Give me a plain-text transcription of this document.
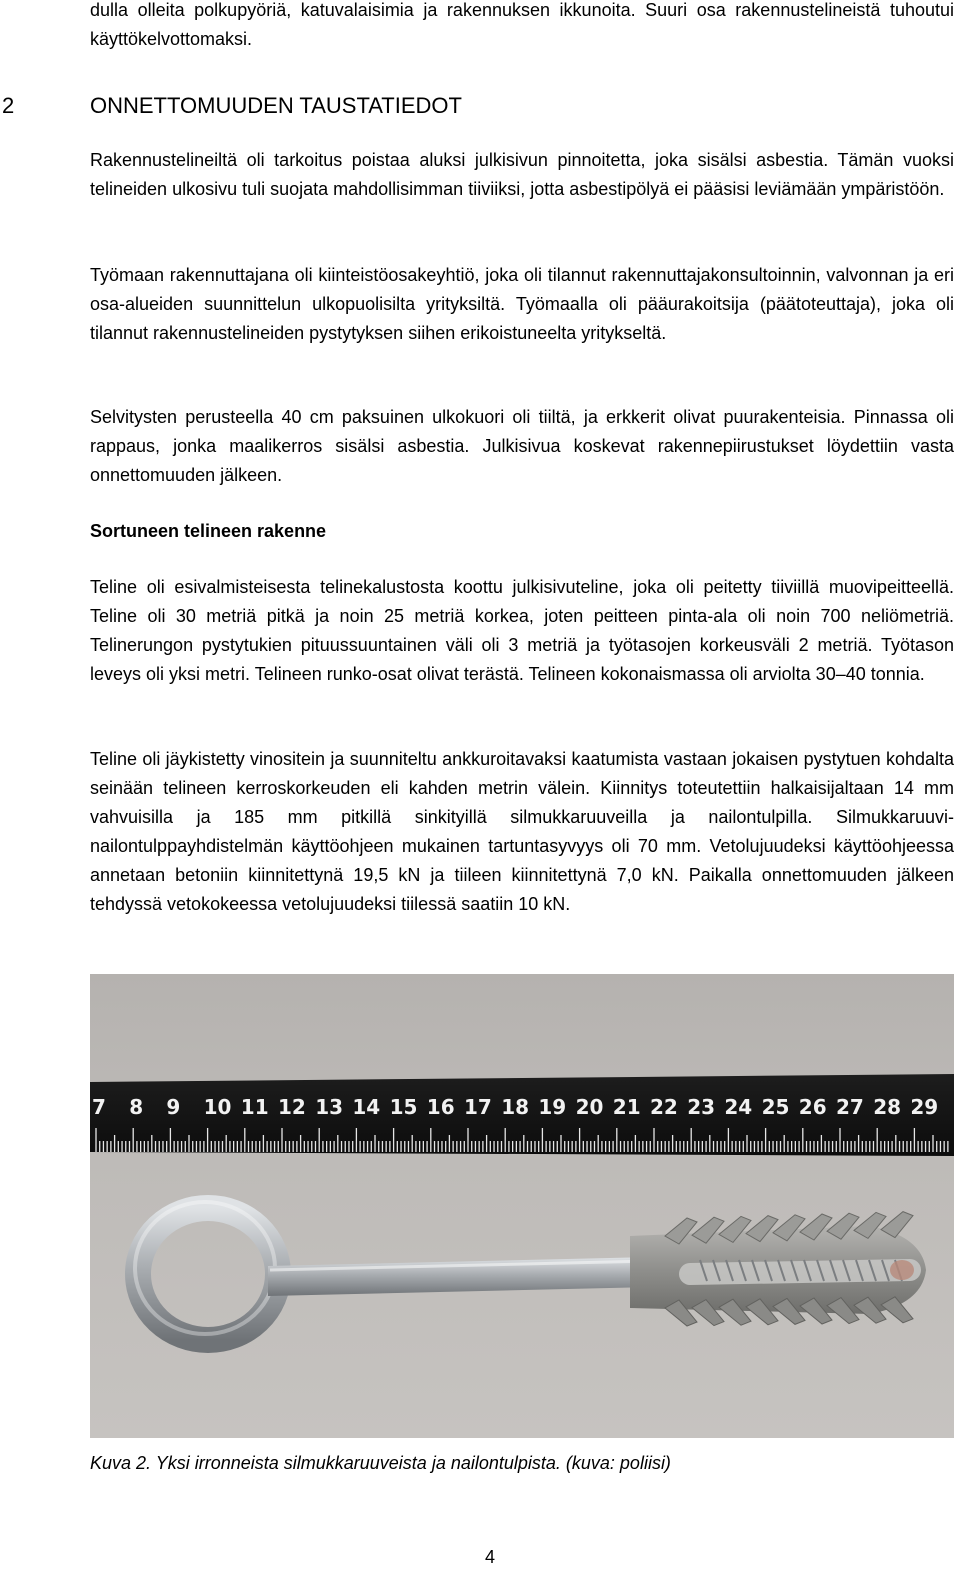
dulla olleita polkupyöriä, katuvalaisimia ja rakennuksen ikkunoita. Suuri osa rakennustelineistä tuhoutui käyttökelvottomaksi.

2	ONNETTOMUUDEN TAUSTATIEDOT

Rakennustelineiltä oli tarkoitus poistaa aluksi julkisivun pinnoitetta, joka sisälsi asbestia. Tämän vuoksi telineiden ulkosivu tuli suojata mahdollisimman tiiviiksi, jotta asbestipölyä ei pääsisi leviämään ympäristöön.

Työmaan rakennuttajana oli kiinteistöosakeyhtiö, joka oli tilannut rakennuttajakonsultoinnin, valvonnan ja eri osa-alueiden suunnittelun ulkopuolisilta yrityksiltä. Työmaalla oli pääurakoitsija (päätoteuttaja), joka oli tilannut rakennustelineiden pystytyksen siihen erikoistuneelta yritykseltä.

Selvitysten perusteella 40 cm paksuinen ulkokuori oli tiiltä, ja erkkerit olivat puurakenteisia. Pinnassa oli rappaus, jonka maalikerros sisälsi asbestia. Julkisivua koskevat rakennepiirustukset löydettiin vasta onnettomuuden jälkeen.

Sortuneen telineen rakenne

Teline oli esivalmisteisesta telinekalustosta koottu julkisivuteline, joka oli peitetty tiiviillä muovipeitteellä. Teline oli 30 metriä pitkä ja noin 25 metriä korkea, joten peitteen pinta-ala oli noin 700 neliömetriä. Telinerungon pystytukien pituussuuntainen väli oli 3 metriä ja työtasojen korkeusväli 2 metriä. Työtason leveys oli yksi metri. Telineen runko-osat olivat terästä. Telineen kokonaismassa oli arviolta 30–40 tonnia.

Teline oli jäykistetty vinositein ja suunniteltu ankkuroitavaksi kaatumista vastaan jokaisen pystytuen kohdalta seinään telineen kerroskorkeuden eli kahden metrin välein. Kiinnitys toteutettiin halkaisijaltaan 14 mm vahvuisilla ja 185 mm pitkillä sinkityillä silmukkaruuveilla ja nailontulpilla. Silmukkaruuvi-nailontulppayhdistelmän käyttöohjeen mukainen tartuntasyvyys oli 70 mm. Vetolujuudeksi käyttöohjeessa annetaan betoniin kiinnitettynä 19,5 kN ja tiileen kiinnitettynä 7,0 kN. Paikalla onnettomuuden jälkeen tehdyssä vetokokeessa vetolujuudeksi tiilessä saatiin 10 kN.

7 8 9 10 11 12 13 14 15 16 17 18 19 20 21 22 23 24 25 26 27 28 29

Kuva 2. Yksi irronneista silmukkaruuveista ja nailontulpista. (kuva: poliisi)

4
